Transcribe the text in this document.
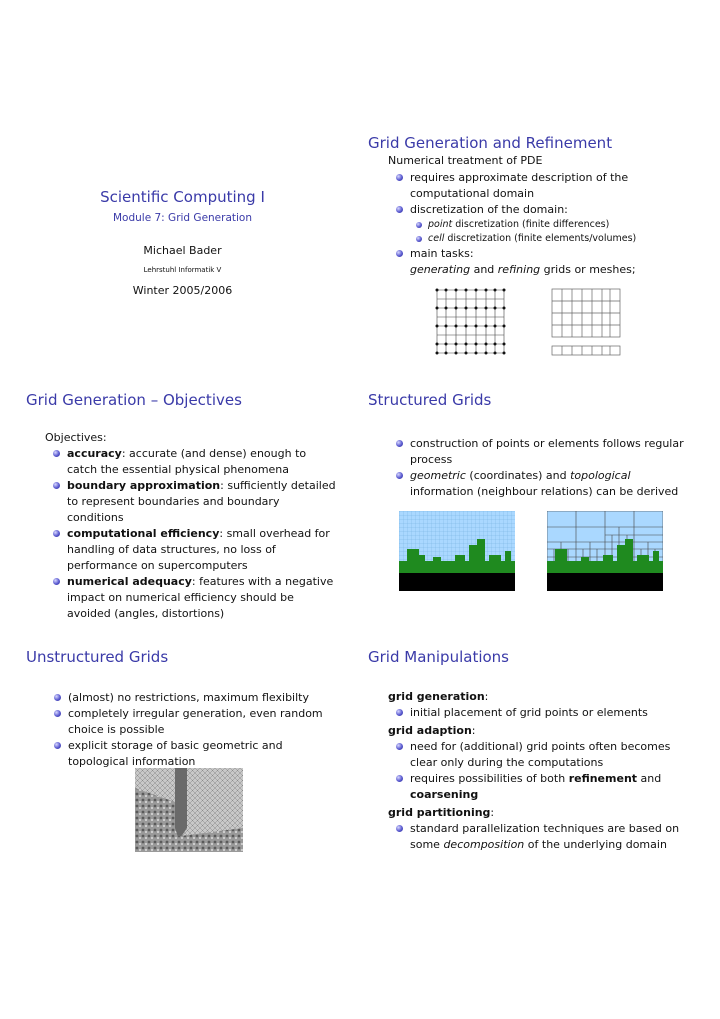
Scientific Computing I
Module 7: Grid Generation
Michael Bader
Lehrstuhl Informatik V
Winter 2005/2006
Grid Generation and Refinement
Numerical treatment of PDE
requires approximate description of the computational domain
discretization of the domain:
point discretization (finite differences)
cell discretization (finite elements/volumes)
main tasks:
generating and refining grids or meshes;
Grid Generation – Objectives
Objectives:
accuracy: accurate (and dense) enough to catch the essential physical phenomena
boundary approximation: sufficiently detailed to represent boundaries and boundary conditions
computational efficiency: small overhead for handling of data structures, no loss of performance on supercomputers
numerical adequacy: features with a negative impact on numerical efficiency should be avoided (angles, distortions)
Structured Grids
construction of points or elements follows regular process
geometric (coordinates) and topological information (neighbour relations) can be derived
Unstructured Grids
(almost) no restrictions, maximum flexibilty
completely irregular generation, even random choice is possible
explicit storage of basic geometric and topological information
Grid Manipulations
grid generation:
initial placement of grid points or elements
grid adaption:
need for (additional) grid points often becomes clear only during the computations
requires possibilities of both refinement and
coarsening
grid partitioning:
standard parallelization techniques are based on some decomposition of the underlying domain
